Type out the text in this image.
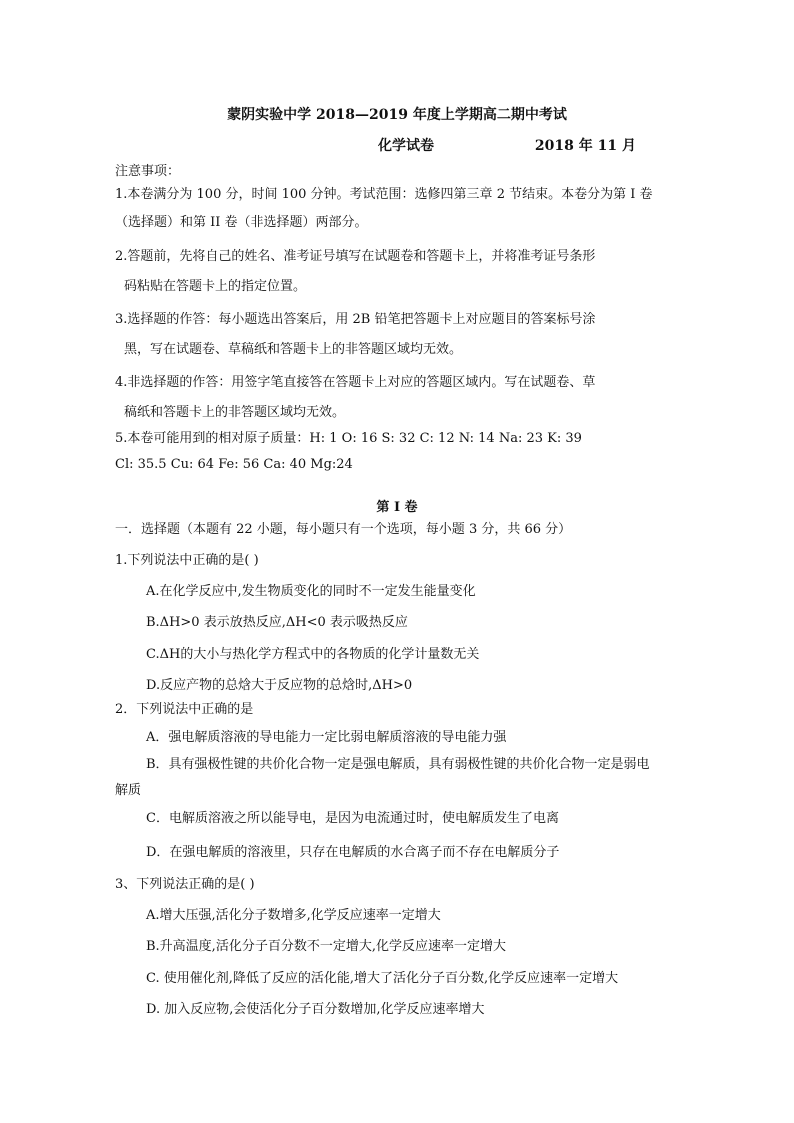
蒙阴实验中学 2018—2019 年度上学期高二期中考试
化学试卷	2018 年 11 月
注意事项：
1.本卷满分为 100 分，时间 100 分钟。考试范围：选修四第三章 2 节结束。本卷分为第 I 卷
（选择题）和第 II 卷（非选择题）两部分。
2.答题前，先将自己的姓名、准考证号填写在试题卷和答题卡上，并将准考证号条形
码粘贴在答题卡上的指定位置。
3.选择题的作答：每小题选出答案后，用 2B 铅笔把答题卡上对应题目的答案标号涂
黑，写在试题卷、草稿纸和答题卡上的非答题区域均无效。
4.非选择题的作答：用签字笔直接答在答题卡上对应的答题区域内。写在试题卷、草
稿纸和答题卡上的非答题区域均无效。
5.本卷可能用到的相对原子质量：H: 1 O: 16 S: 32 C: 12 N: 14 Na: 23 K: 39
Cl: 35.5 Cu: 64 Fe: 56 Ca: 40 Mg:24
第 I 卷
一．选择题（本题有 22 小题，每小题只有一个选项，每小题 3 分，共 66 分）
1.下列说法中正确的是( )
A.在化学反应中,发生物质变化的同时不一定发生能量变化
B.ΔH>0 表示放热反应,ΔH<0 表示吸热反应
C.ΔH的大小与热化学方程式中的各物质的化学计量数无关
D.反应产物的总焓大于反应物的总焓时,ΔH>0
2．下列说法中正确的是
A．强电解质溶液的导电能力一定比弱电解质溶液的导电能力强
B．具有强极性键的共价化合物一定是强电解质，具有弱极性键的共价化合物一定是弱电
解质
C．电解质溶液之所以能导电，是因为电流通过时，使电解质发生了电离
D．在强电解质的溶液里，只存在电解质的水合离子而不存在电解质分子
3、下列说法正确的是( )
A.增大压强,活化分子数增多,化学反应速率一定增大
B.升高温度,活化分子百分数不一定增大,化学反应速率一定增大
C. 使用催化剂,降低了反应的活化能,增大了活化分子百分数,化学反应速率一定增大
D. 加入反应物,会使活化分子百分数增加,化学反应速率增大
